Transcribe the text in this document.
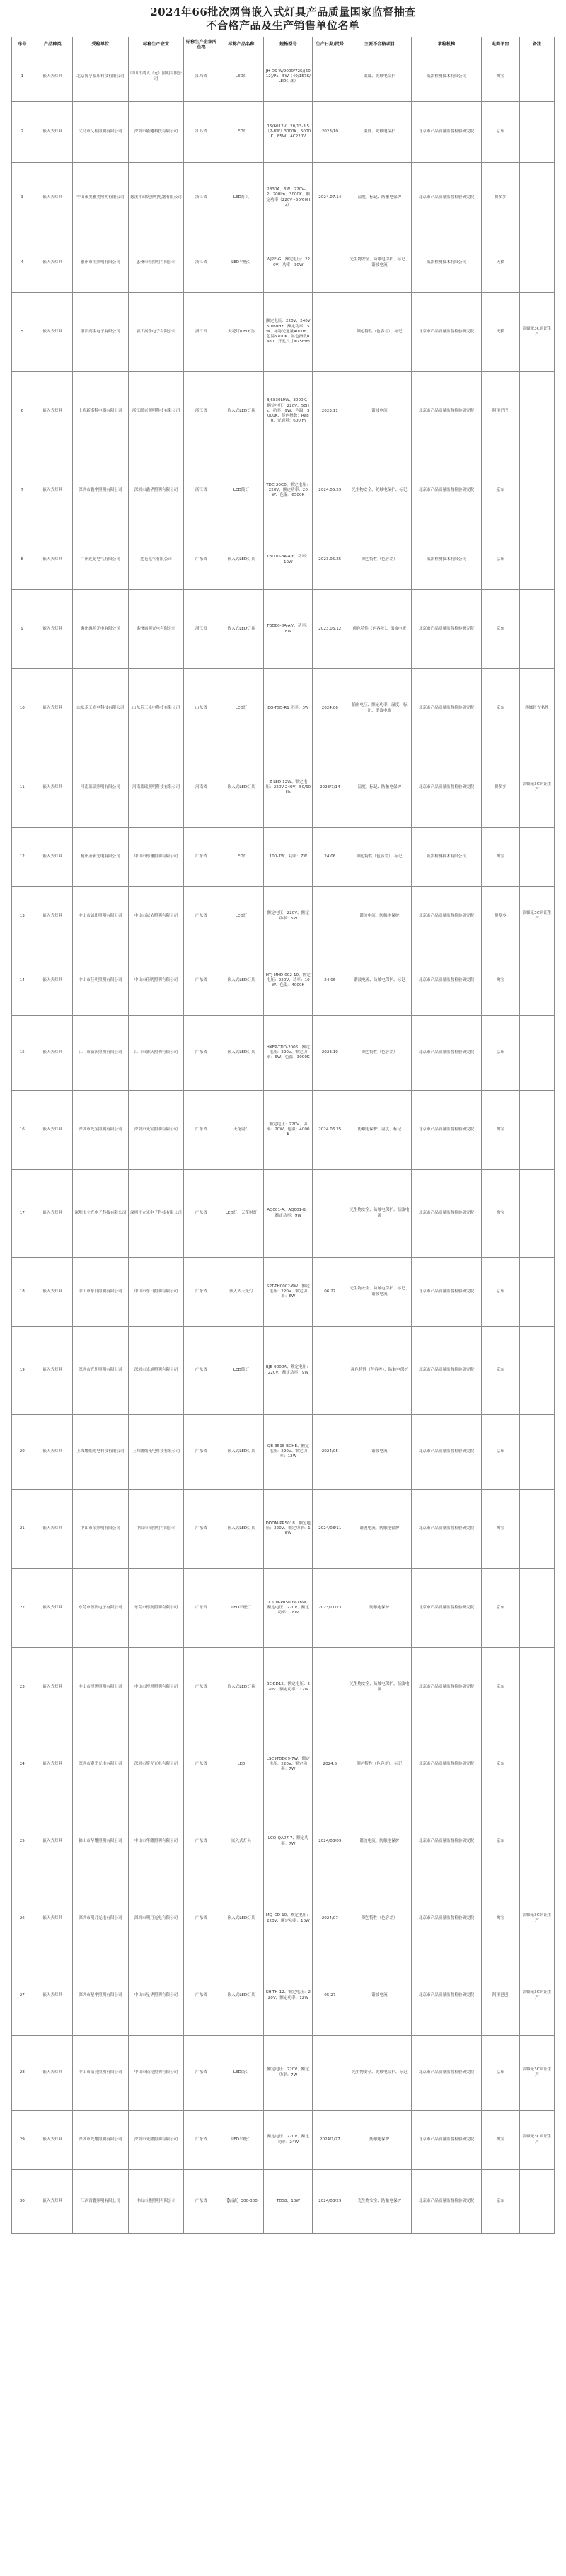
2024年66批次网售嵌入式灯具产品质量国家监督抽查
不合格产品及生产销售单位名单
序号	产品种类	受检单位	标称生产企业	标称生产企业所在地	标称产品名称	规格型号	生产日期/批号	主要不合格项目	承检机构	电商平台	备注
1	嵌入式灯具	北京博亨泰乐科技有限公司	中山市鸿人（元）照明有限公司	江西省	LED灯	JH-DS W/9000/72S/(6012)/Pc、5W（40/157K/LED灯珠）		温度、防触电保护	威凯检测技术有限公司	淘宝	
2	嵌入式灯具	义乌市艾佳照明有限公司	深圳市能驰科技有限公司	江苏省	LED灯	15/6012V、20/13-3.5（2-8W）3000K、5000K、85W、AC220V	2023/10	温度、防触电保护	北京市产品质量监督检验研究院	京东	
3	嵌入式灯具	中山市美雅美照明有限公司	慈溪市琅晟照明电器有限公司	浙江省	LED灯具	2830A、3W、220V-、P、200lm、3000K、额定功率（220V~50/60Hz）	2024.07.14	温度、标记、防触电保护	北京市产品质量监督检验研究院	拼多多	
4	嵌入式灯具	惠州市恒照明有限公司	惠州市恒照明有限公司	浙江省	LED平板灯	WJ2E-G、额定电压：220V、功率：30W		光生物安全、防触电保护、标记、谐波电流	威凯检测技术有限公司	天猫	
5	嵌入式灯具	浙江高金电子有限公司	浙江高金电子有限公司	浙江省	天花灯(LED灯)	额定电压：220V、240V 50/60Hz、额定功率：5W、标称光通量400lm、色温5700K、显色指数Ra80、开孔尺寸Φ75mm		颜色特性（色容差）、标记	北京市产品质量监督检验研究院	天猫	涉嫌无3C认证生产
6	嵌入式灯具	上海新斯特电器有限公司	浙江联兴照明科技有限公司	浙江省	嵌入式LED灯具	BJ6830L9W、3000K、额定电压：220V、50Hz、功率：9W、色温：3000K、显色指数：Ra80、光通量：600lm	2023.11	谐波电流	北京市产品质量监督检验研究院	阿里巴巴	
7	嵌入式灯具	深圳市鑫华照明有限公司	深圳市鑫华照明有限公司	浙江省	LED筒灯	TDC-20G0、额定电压：220V、额定功率：20W、色温：6500K	2024.05.29	光生物安全、防触电保护、标记	北京市产品质量监督检验研究院	京东	
8	嵌入式灯具	广州莲花电气有限公司	莲花电气有限公司	广东省	嵌入式LED灯具	TBD10-8A-A-Y、功率：10W	2023.05.25	颜色特性（色容差）	威凯检测技术有限公司	京东	
9	嵌入式灯具	惠州惠照光电有限公司	惠州惠照光电有限公司	浙江省	嵌入式LED灯具	TBD80-8A-A-Y、功率：8W	2023.06.12	颜色特性（色容差）、谐波电流	北京市产品质量监督检验研究院	京东	
10	嵌入式灯具	山东禾工光电科技有限公司	山东禾工光电科技有限公司	山东省	LED灯	BO-TSD-R1 功率：3W	2024.06	插座电压、额定功率、温度、标记、谐波电流	北京市产品质量监督检验研究院	京东	涉嫌冒充名牌
11	嵌入式灯具	河南蓝瑞照明有限公司	河南蓝瑞照明科技有限公司	河南省	嵌入式LED灯具	Z-LED-12W、额定电压：220V-240V、50/60Hz	2023/7/14	温度、标记、防触电保护	北京市产品质量监督检验研究院	拼多多	涉嫌无3C认证生产
12	嵌入式灯具	杭州圣新光电有限公司	中山市德珊照明有限公司	广东省	LED灯	100-7W、功率：7W	24.06	颜色特性（色容差）、标记	威凯检测技术有限公司	淘宝	
13	嵌入式灯具	中山市诚佑照明有限公司	中山市诚佑照明有限公司	广东省	LED灯	额定电压：220V、额定功率：5W		谐波电流、防触电保护	北京市产品质量监督检验研究院	拼多多	涉嫌无3C认证生产
14	嵌入式灯具	中山市佳明照明有限公司	中山市佳明照明有限公司	广东省	嵌入式LED灯具	HTJ-MHD-002-10、额定电压：220V、功率：10W、色温：4000K	24.06	谐波电流、防触电保护、标记	北京市产品质量监督检验研究院	淘宝	
15	嵌入式灯具	江门市新沃照明有限公司	江门市新沃照明有限公司	广东省	嵌入式LED灯具	HXEP-TDD-2006、额定电压：220V、额定功率：6W、色温：3000K	2023.10	颜色特性（色容差）	北京市产品质量监督检验研究院	京东	
16	嵌入式灯具	深圳市光宝照明有限公司	深圳市光宝照明有限公司	广东省	天花射灯	额定电压：220V、功率：20W、色温：4000K	2024.06.25	防触电保护、温度、标记	北京市产品质量监督检验研究院	淘宝	
17	嵌入式灯具	深圳市立光电子科技有限公司	深圳市立光电子科技有限公司	广东省	LED灯、天花射灯	AQ001-A、AQ001-B、额定功率：9W		光生物安全、防触电保护、谐波电流	北京市产品质量监督检验研究院	淘宝	
18	嵌入式灯具	中山市东日照明有限公司	中山市东日照明有限公司	广东省	嵌入式天花灯	SPT-TH0002-6W、额定电压：220V、额定功率：6W	06.27	光生物安全、防触电保护、标记、谐波电流	北京市产品质量监督检验研究院	京东	
19	嵌入式灯具	深圳市光旭照明有限公司	深圳市光旭照明有限公司	广东省	LED筒灯	BJB-9000A、额定电压：220V、额定功率：9W		颜色特性（色容差）、防触电保护	北京市产品质量监督检验研究院	京东	
20	嵌入式灯具	上海耀灿光电科技有限公司	上海耀灿光电科技有限公司	广东省	嵌入式LED灯具	QB-3515-BOHE、额定电压：220V、额定功率：12W	2024/05	谐波电流	北京市产品质量监督检验研究院	京东	
21	嵌入式灯具	中山市荣照明有限公司	中山市荣照明有限公司	广东省	嵌入式LED灯具	DDDM-PRS018、额定电压：220V、额定功率：18W	2024/03/11	谐波电流、防触电保护	北京市产品质量监督检验研究院	淘宝	
22	嵌入式灯具	东莞市德润电子有限公司	东莞市德润照明有限公司	广东省	LED平板灯	DDDM-PRS009-18W、额定电压：220V、额定功率：18W	2023/11/23	防触电保护	北京市产品质量监督检验研究院	京东	
23	嵌入式灯具	中山市博恩照明有限公司	中山市博恩照明有限公司	广东省	嵌入式LED灯具	BE-BD12、额定电压：220V、额定功率：12W		光生物安全、防触电保护、谐波电流	北京市产品质量监督检验研究院	京东	
24	嵌入式灯具	深圳市聚光光电有限公司	深圳市聚光光电有限公司	广东省	LED	LSC9TDD09-7W、额定电压：220V、额定功率：7W	2024.6	颜色特性（色容差）、标记	北京市产品质量监督检验研究院	京东	
25	嵌入式灯具	佛山市华耀照明有限公司	中山市华耀照明有限公司	广东省	嵌入式灯具	LCQ-QA07-7、额定功率：7W	2024/03/09	谐波电流、防触电保护	北京市产品质量监督检验研究院	京东	
26	嵌入式灯具	深圳市明月光电有限公司	深圳市明月光电有限公司	广东省	嵌入式LED灯具	MQ-GD-10、额定电压：220V、额定功率：10W	2024/07	颜色特性（色容差）	北京市产品质量监督检验研究院	淘宝	涉嫌无3C认证生产
27	嵌入式灯具	深圳市星华照明有限公司	中山市星华照明有限公司	广东省	嵌入式LED灯具	SH-TH-12、额定电压：220V、额定功率：12W	05.27	谐波电流	北京市产品质量监督检验研究院	阿里巴巴	涉嫌无3C认证生产
28	嵌入式灯具	中山市佰亮照明有限公司	中山市佰亮照明有限公司	广东省	LED筒灯	额定电压：220V、额定功率：7W		光生物安全、防触电保护、标记	北京市产品质量监督检验研究院	京东	涉嫌无3C认证生产
29	嵌入式灯具	深圳市光耀照明有限公司	深圳市光耀照明有限公司	广东省	LED平板灯	额定电压：220V、额定功率：24W	2024/1/27	防触电保护	北京市产品质量监督检验研究院	淘宝	涉嫌无3C认证生产
30	嵌入式灯具	江西省鑫照明有限公司	中山市鑫照明有限公司	广东省	【店铺】300-300	TDS8、10W	2024/03/29	光生物安全、防触电保护	北京市产品质量监督检验研究院	京东	
